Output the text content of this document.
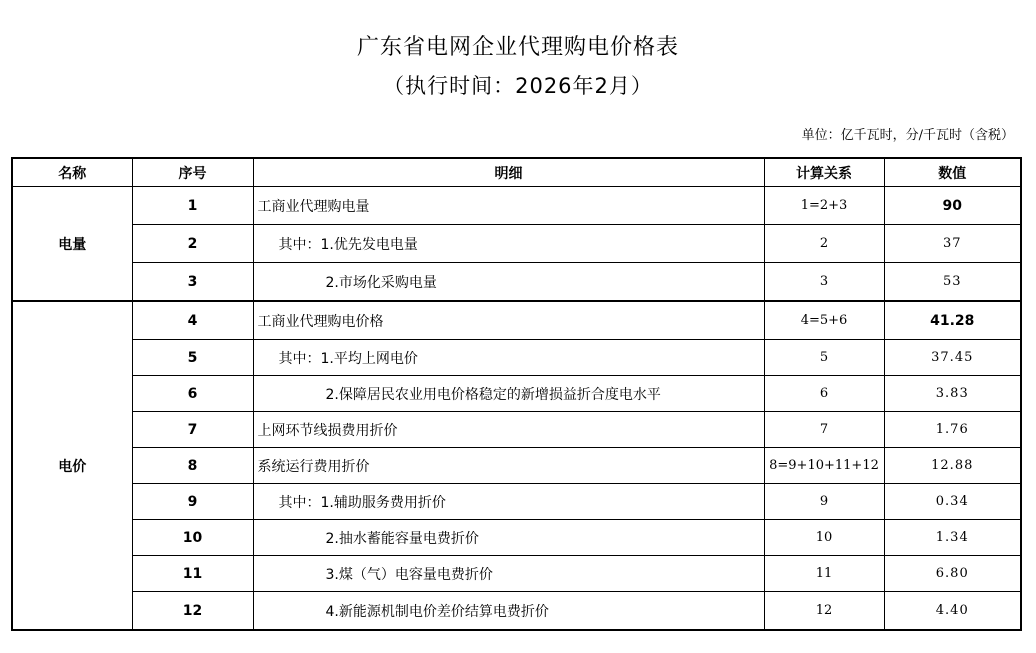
广东省电网企业代理购电价格表
（执行时间：2026年2月）
单位：亿千瓦时，分/千瓦时（含税）
名称	序号	明细	计算关系	数值
电量	1	工商业代理购电量	1=2+3	90
	2	其中：1.优先发电电量	2	37
	3	2.市场化采购电量	3	53
电价	4	工商业代理购电价格	4=5+6	41.28
	5	其中：1.平均上网电价	5	37.45
	6	2.保障居民农业用电价格稳定的新增损益折合度电水平	6	3.83
	7	上网环节线损费用折价	7	1.76
	8	系统运行费用折价	8=9+10+11+12	12.88
	9	其中：1.辅助服务费用折价	9	0.34
	10	2.抽水蓄能容量电费折价	10	1.34
	11	3.煤（气）电容量电费折价	11	6.80
	12	4.新能源机制电价差价结算电费折价	12	4.40
